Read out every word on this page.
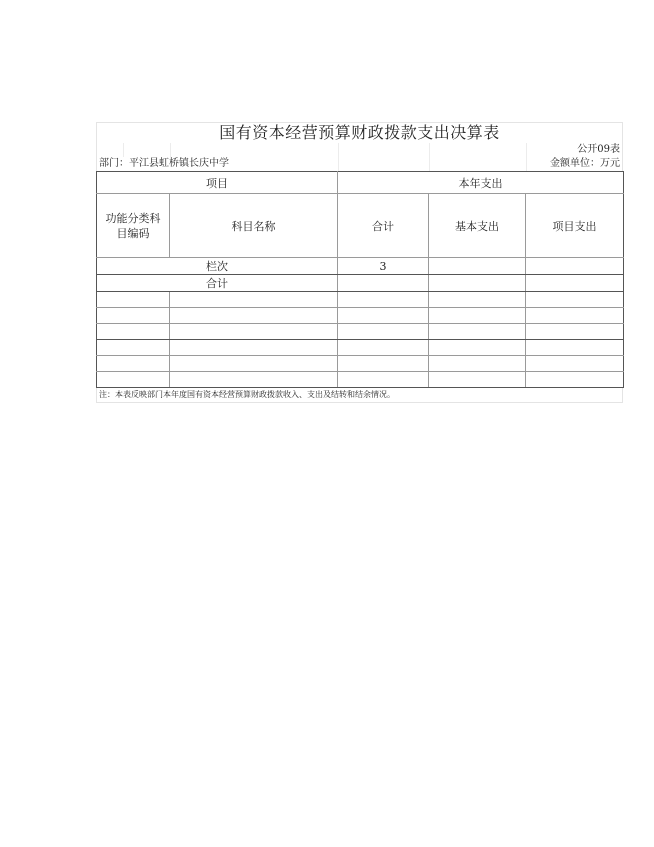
国有资本经营预算财政拨款支出决算表
公开09表
部门：平江县虹桥镇长庆中学	金额单位：万元
项目		本年支出		
功能分类科目编码	科目名称	合计	基本支出	项目支出
栏次		3		
合计				

注：本表反映部门本年度国有资本经营预算财政拨款收入、支出及结转和结余情况。
